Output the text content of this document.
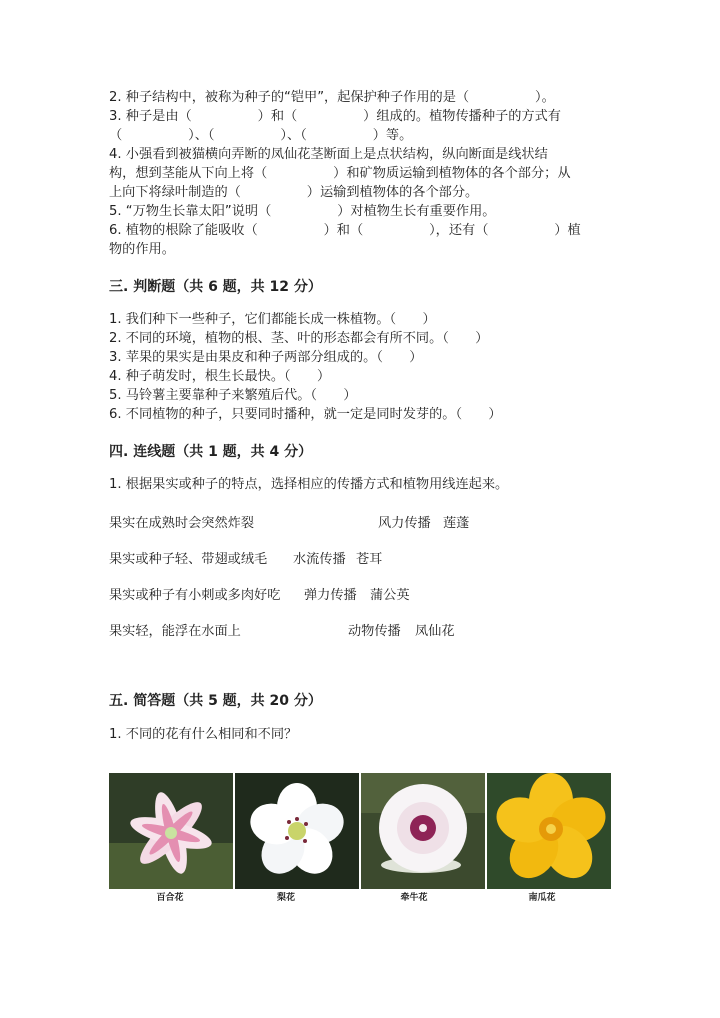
2. 种子结构中，被称为种子的“铠甲”，起保护种子作用的是（　　　　　）。
3. 种子是由（　　　　　）和（　　　　　）组成的。植物传播种子的方式有
（　　　　　）、（　　　　　）、（　　　　　）等。
4. 小强看到被猫横向弄断的凤仙花茎断面上是点状结构，纵向断面是线状结
构，想到茎能从下向上将（　　　　　）和矿物质运输到植物体的各个部分；从
上向下将绿叶制造的（　　　　　）运输到植物体的各个部分。
5. “万物生长靠太阳”说明（　　　　　）对植物生长有重要作用。
6. 植物的根除了能吸收（　　　　　）和（　　　　　），还有（　　　　　）植
物的作用。
三. 判断题（共 6 题，共 12 分）
1. 我们种下一些种子，它们都能长成一株植物。（　　）
2. 不同的环境，植物的根、茎、叶的形态都会有所不同。（　　）
3. 苹果的果实是由果皮和种子两部分组成的。（　　）
4. 种子萌发时，根生长最快。（　　）
5. 马铃薯主要靠种子来繁殖后代。（　　）
6. 不同植物的种子，只要同时播种，就一定是同时发芽的。（　　）
四. 连线题（共 1 题，共 4 分）
1. 根据果实或种子的特点，选择相应的传播方式和植物用线连起来。
果实在成熟时会突然炸裂	风力传播 莲蓬
果实或种子轻、带翅或绒毛 水流传播 苍耳
果实或种子有小刺或多肉好吃 弹力传播 蒲公英
果实轻，能浮在水面上	动物传播 凤仙花
五. 简答题（共 5 题，共 20 分）
1. 不同的花有什么相同和不同？
百合花	梨花	牵牛花	南瓜花
